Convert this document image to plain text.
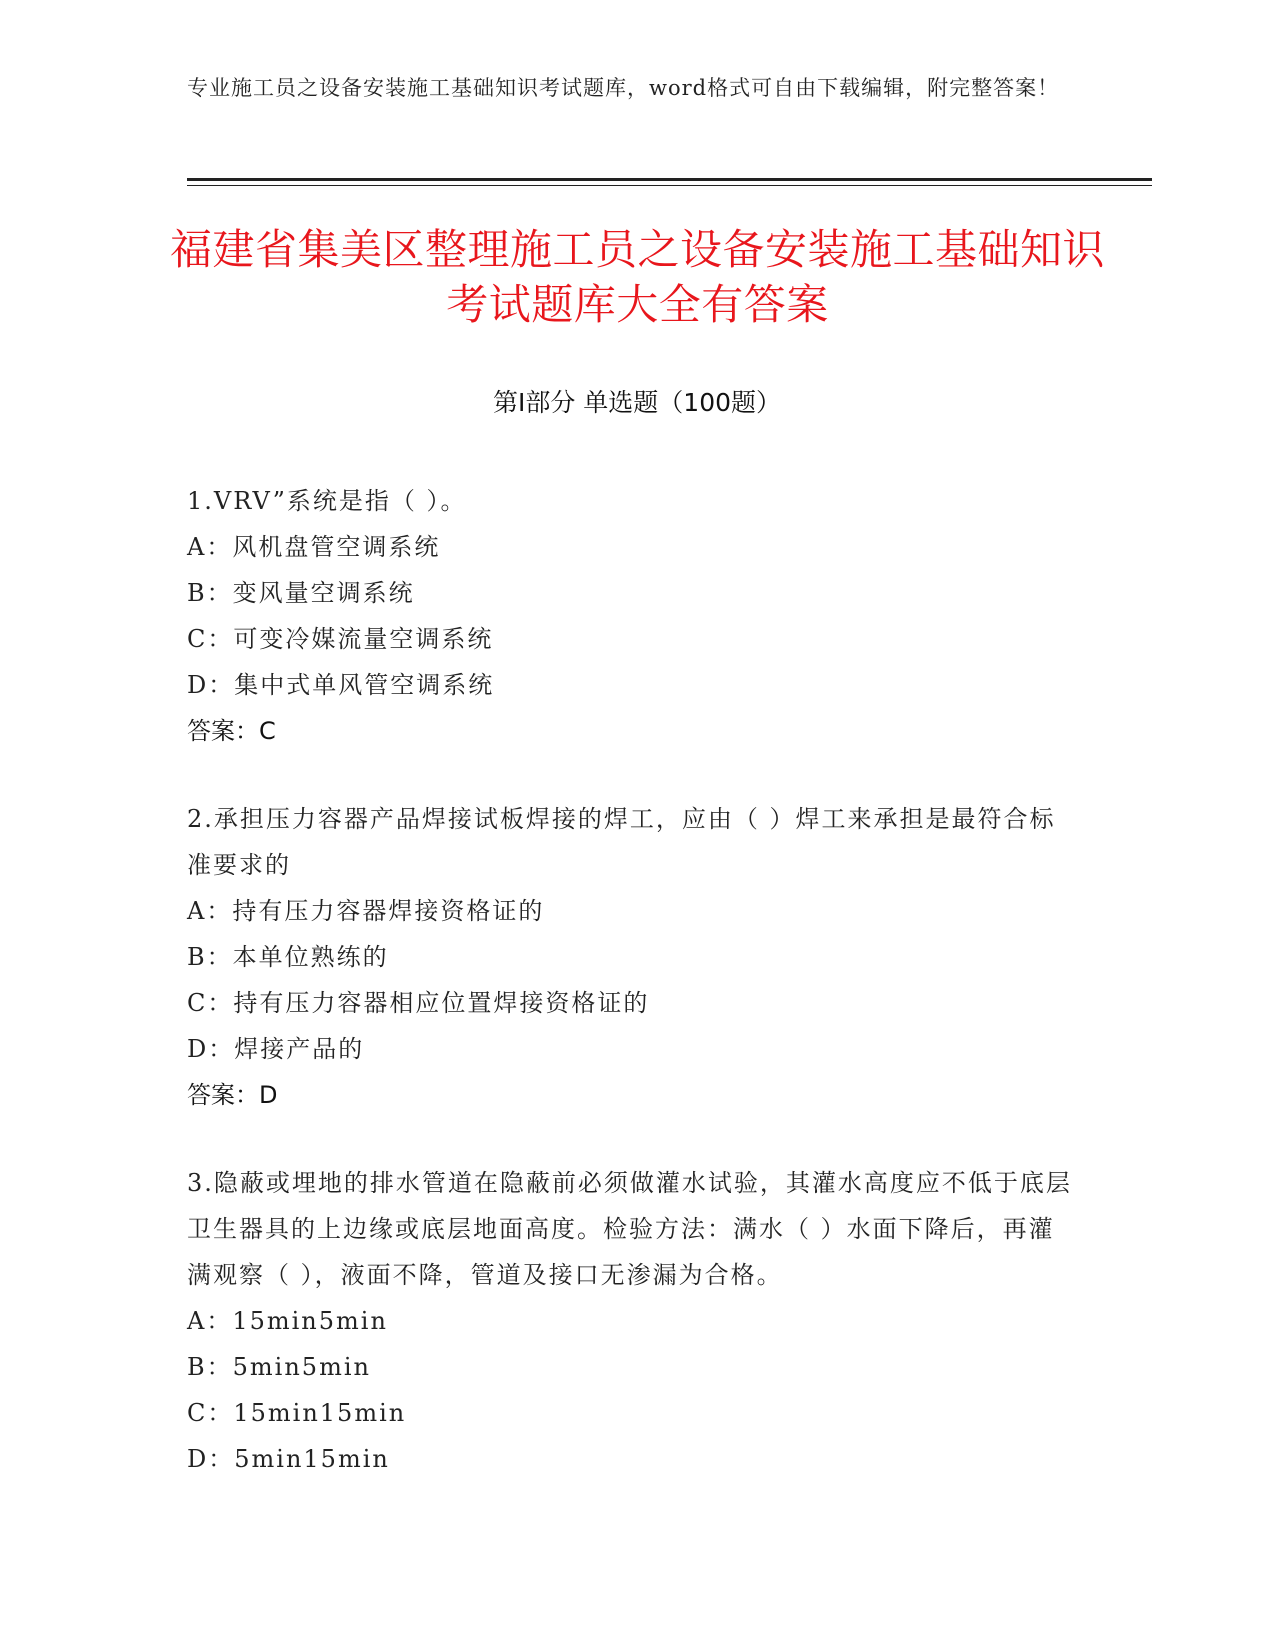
专业施工员之设备安装施工基础知识考试题库，word格式可自由下载编辑，附完整答案！
福建省集美区整理施工员之设备安装施工基础知识考试题库大全有答案
第Ⅰ部分 单选题（100题）
1.VRV”系统是指（ ）。
A：风机盘管空调系统
B：变风量空调系统
C：可变冷媒流量空调系统
D：集中式单风管空调系统
答案：C
2.承担压力容器产品焊接试板焊接的焊工，应由（ ）焊工来承担是最符合标准要求的
A：持有压力容器焊接资格证的
B：本单位熟练的
C：持有压力容器相应位置焊接资格证的
D：焊接产品的
答案：D
3.隐蔽或埋地的排水管道在隐蔽前必须做灌水试验，其灌水高度应不低于底层卫生器具的上边缘或底层地面高度。检验方法：满水（ ）水面下降后，再灌满观察（ ），液面不降，管道及接口无渗漏为合格。
A：15min5min
B：5min5min
C：15min15min
D：5min15min
